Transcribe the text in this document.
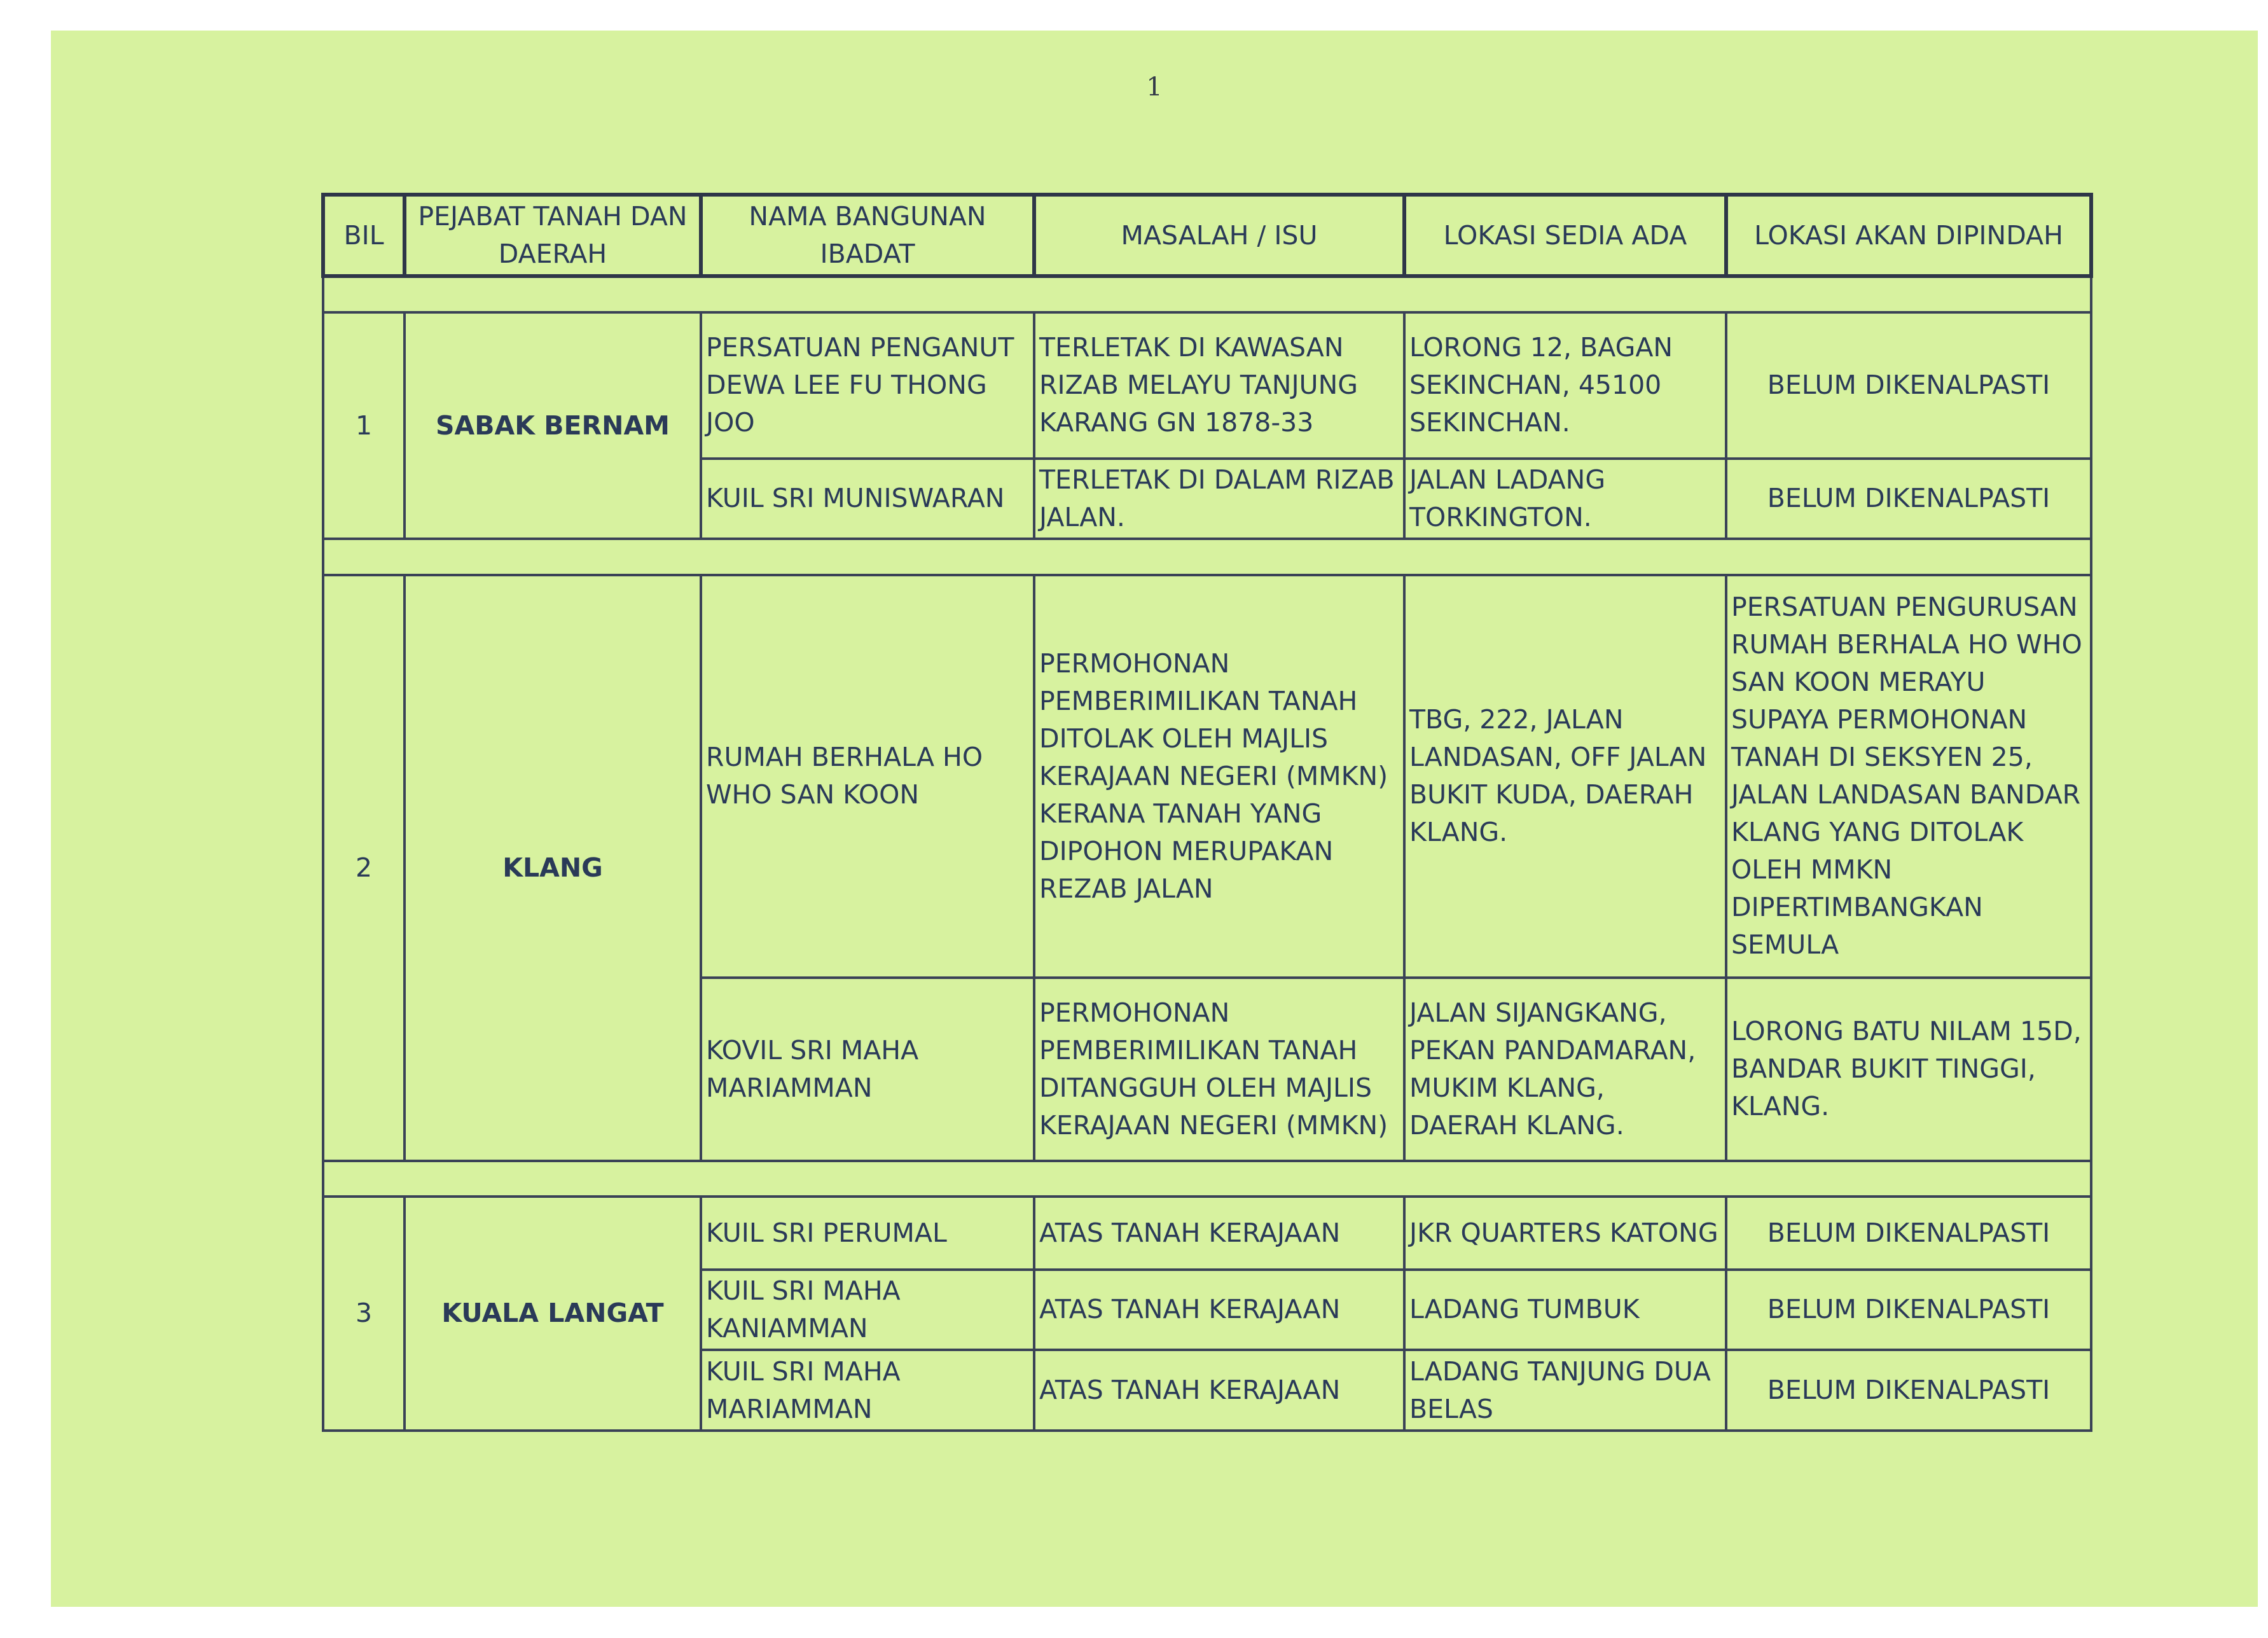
1
BIL	PEJABAT TANAH DAN DAERAH	NAMA BANGUNAN IBADAT	MASALAH / ISU	LOKASI SEDIA ADA	LOKASI AKAN DIPINDAH

1	SABAK BERNAM	PERSATUAN PENGANUT DEWA LEE FU THONG JOO	TERLETAK DI KAWASAN RIZAB MELAYU TANJUNG KARANG GN 1878-33	LORONG 12, BAGAN SEKINCHAN, 45100 SEKINCHAN.	BELUM DIKENALPASTI
		KUIL SRI MUNISWARAN	TERLETAK DI DALAM RIZAB JALAN.	JALAN LADANG TORKINGTON.	BELUM DIKENALPASTI

2	KLANG	RUMAH BERHALA HO WHO SAN KOON	PERMOHONAN PEMBERIMILIKAN TANAH DITOLAK OLEH MAJLIS KERAJAAN NEGERI (MMKN) KERANA TANAH YANG DIPOHON MERUPAKAN REZAB JALAN	TBG, 222, JALAN LANDASAN, OFF JALAN BUKIT KUDA, DAERAH KLANG.	PERSATUAN PENGURUSAN RUMAH BERHALA HO WHO SAN KOON MERAYU SUPAYA PERMOHONAN TANAH DI SEKSYEN 25, JALAN LANDASAN BANDAR KLANG YANG DITOLAK OLEH MMKN DIPERTIMBANGKAN SEMULA
		KOVIL SRI MAHA MARIAMMAN	PERMOHONAN PEMBERIMILIKAN TANAH DITANGGUH OLEH MAJLIS KERAJAAN NEGERI (MMKN)	JALAN SIJANGKANG, PEKAN PANDAMARAN, MUKIM KLANG, DAERAH KLANG.	LORONG BATU NILAM 15D, BANDAR BUKIT TINGGI, KLANG.

3	KUALA LANGAT	KUIL SRI PERUMAL	ATAS TANAH KERAJAAN	JKR QUARTERS KATONG	BELUM DIKENALPASTI
		KUIL SRI MAHA KANIAMMAN	ATAS TANAH KERAJAAN	LADANG TUMBUK	BELUM DIKENALPASTI
		KUIL SRI MAHA MARIAMMAN	ATAS TANAH KERAJAAN	LADANG TANJUNG DUA BELAS	BELUM DIKENALPASTI
